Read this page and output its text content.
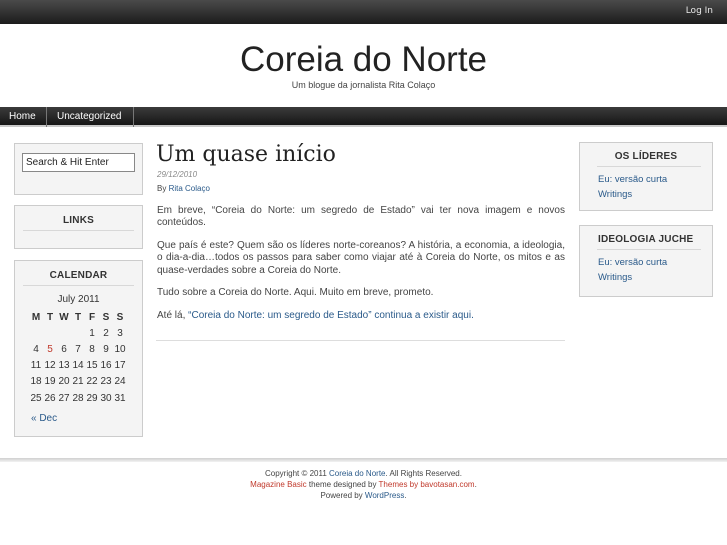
Log In
Coreia do Norte
Um blogue da jornalista Rita Colaço
Home	Uncategorized
Search & Hit Enter
LINKS
CALENDAR
July 2011
M	T	W	T	F	S	S
				1	2	3
4	5	6	7	8	9	10
11	12	13	14	15	16	17
18	19	20	21	22	23	24
25	26	27	28	29	30	31
« Dec
Um quase início
29/12/2010
By Rita Colaço

Em breve, “Coreia do Norte: um segredo de Estado” vai ter nova imagem e novos conteúdos.

Que país é este? Quem são os líderes norte-coreanos? A história, a economia, a ideologia, o dia-a-dia…todos os passos para saber como viajar até à Coreia do Norte, os mitos e as quase-verdades sobre a Coreia do Norte.

Tudo sobre a Coreia do Norte. Aqui. Muito em breve, prometo.

Até lá, “Coreia do Norte: um segredo de Estado” continua a existir aqui.

OS LÍDERES
Eu: versão curta
Writings
IDEOLOGIA JUCHE
Eu: versão curta
Writings
Copyright © 2011 Coreia do Norte. All Rights Reserved.
Magazine Basic theme designed by Themes by bavotasan.com.
Powered by WordPress.
